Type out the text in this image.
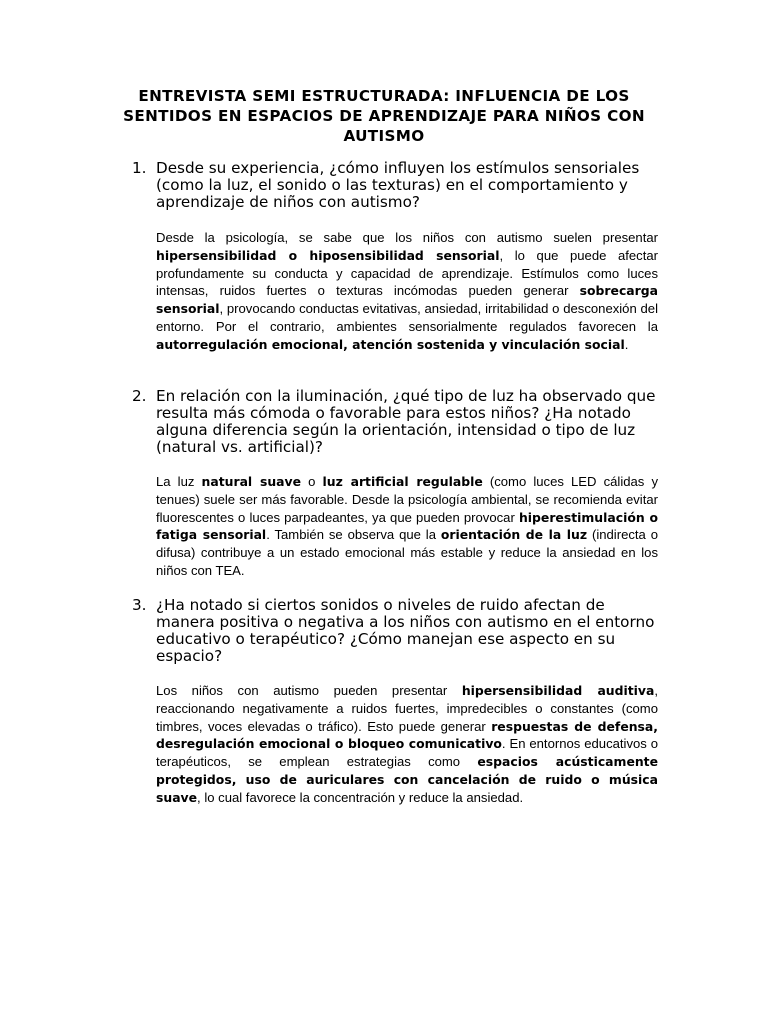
ENTREVISTA SEMI ESTRUCTURADA: INFLUENCIA DE LOS SENTIDOS EN ESPACIOS DE APRENDIZAJE PARA NIÑOS CON AUTISMO
1. Desde su experiencia, ¿cómo influyen los estímulos sensoriales (como la luz, el sonido o las texturas) en el comportamiento y aprendizaje de niños con autismo?

Desde la psicología, se sabe que los niños con autismo suelen presentar hipersensibilidad o hiposensibilidad sensorial, lo que puede afectar profundamente su conducta y capacidad de aprendizaje. Estímulos como luces intensas, ruidos fuertes o texturas incómodas pueden generar sobrecarga sensorial, provocando conductas evitativas, ansiedad, irritabilidad o desconexión del entorno. Por el contrario, ambientes sensorialmente regulados favorecen la autorregulación emocional, atención sostenida y vinculación social.

2. En relación con la iluminación, ¿qué tipo de luz ha observado que resulta más cómoda o favorable para estos niños? ¿Ha notado alguna diferencia según la orientación, intensidad o tipo de luz (natural vs. artificial)?

La luz natural suave o luz artificial regulable (como luces LED cálidas y tenues) suele ser más favorable. Desde la psicología ambiental, se recomienda evitar fluorescentes o luces parpadeantes, ya que pueden provocar hiperestimulación o fatiga sensorial. También se observa que la orientación de la luz (indirecta o difusa) contribuye a un estado emocional más estable y reduce la ansiedad en los niños con TEA.

3. ¿Ha notado si ciertos sonidos o niveles de ruido afectan de manera positiva o negativa a los niños con autismo en el entorno educativo o terapéutico? ¿Cómo manejan ese aspecto en su espacio?

Los niños con autismo pueden presentar hipersensibilidad auditiva, reaccionando negativamente a ruidos fuertes, impredecibles o constantes (como timbres, voces elevadas o tráfico). Esto puede generar respuestas de defensa, desregulación emocional o bloqueo comunicativo. En entornos educativos o terapéuticos, se emplean estrategias como espacios acústicamente protegidos, uso de auriculares con cancelación de ruido o música suave, lo cual favorece la concentración y reduce la ansiedad.
